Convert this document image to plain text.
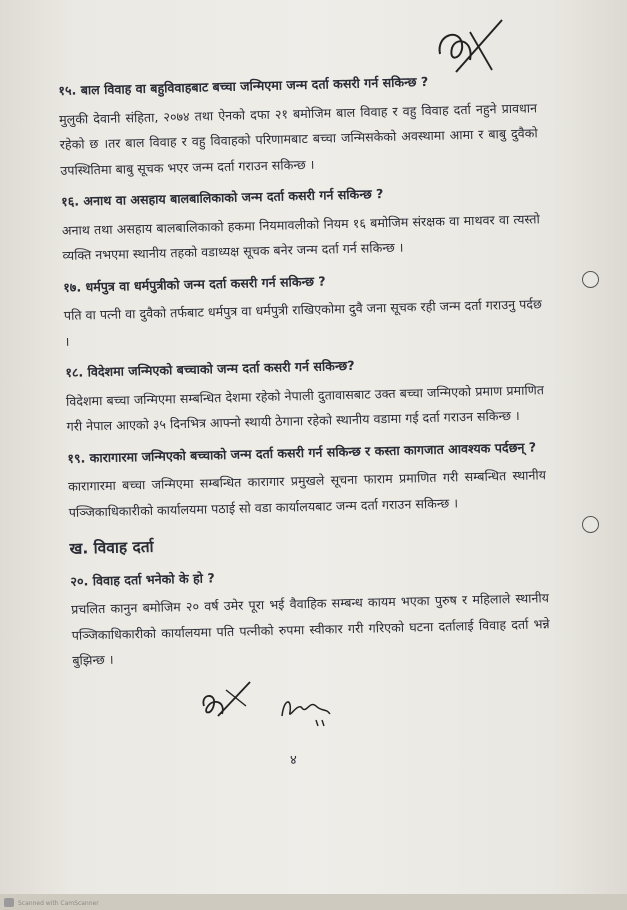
१५. बाल विवाह वा बहुविवाहबाट बच्चा जन्मिएमा जन्म दर्ता कसरी गर्न सकिन्छ ?

मुलुकी देवानी संहिता, २०७४ तथा ऐनको दफा २१ बमोजिम बाल विवाह र वहु विवाह दर्ता नहुने प्रावधान रहेको छ ।तर बाल विवाह र वहु विवाहको परिणामबाट बच्चा जन्मिसकेको अवस्थामा आमा र बाबु दुवैको उपस्थितिमा बाबु सूचक भएर जन्म दर्ता गराउन सकिन्छ ।

१६. अनाथ वा असहाय बालबालिकाको जन्म दर्ता कसरी गर्न सकिन्छ ?

अनाथ तथा असहाय बालबालिकाको हकमा नियमावलीको नियम १६ बमोजिम संरक्षक वा माथवर वा त्यस्तो व्यक्ति नभएमा स्थानीय तहको वडाध्यक्ष सूचक बनेर जन्म दर्ता गर्न सकिन्छ ।

१७. धर्मपुत्र वा धर्मपुत्रीको जन्म दर्ता कसरी गर्न सकिन्छ ?

पति वा पत्नी वा दुवैको तर्फबाट धर्मपुत्र वा धर्मपुत्री राखिएकोमा दुवै जना सूचक रही जन्म दर्ता गराउनु पर्दछ ।

१८. विदेशमा जन्मिएको बच्चाको जन्म दर्ता कसरी गर्न सकिन्छ?

विदेशमा बच्चा जन्मिएमा सम्बन्धित देशमा रहेको नेपाली दुतावासबाट उक्त बच्चा जन्मिएको प्रमाण प्रमाणित गरी नेपाल आएको ३५ दिनभित्र आफ्नो स्थायी ठेगाना रहेको स्थानीय वडामा गई दर्ता गराउन सकिन्छ ।

१९. कारागारमा जन्मिएको बच्चाको जन्म दर्ता कसरी गर्न सकिन्छ र कस्ता कागजात आवश्यक पर्दछन् ?

कारागारमा बच्चा जन्मिएमा सम्बन्धित कारागार प्रमुखले सूचना फाराम प्रमाणित गरी सम्बन्धित स्थानीय पञ्जिकाधिकारीको कार्यालयमा पठाई सो वडा कार्यालयबाट जन्म दर्ता गराउन सकिन्छ ।

ख. विवाह दर्ता
२०. विवाह दर्ता भनेको के हो ?

प्रचलित कानुन बमोजिम २० वर्ष उमेर पूरा भई वैवाहिक सम्बन्ध कायम भएका पुरुष र महिलाले स्थानीय पञ्जिकाधिकारीको कार्यालयमा पति पत्नीको रुपमा स्वीकार गरी गरिएको घटना दर्तालाई विवाह दर्ता भन्ने बुझिन्छ ।

४
Scanned with CamScanner
